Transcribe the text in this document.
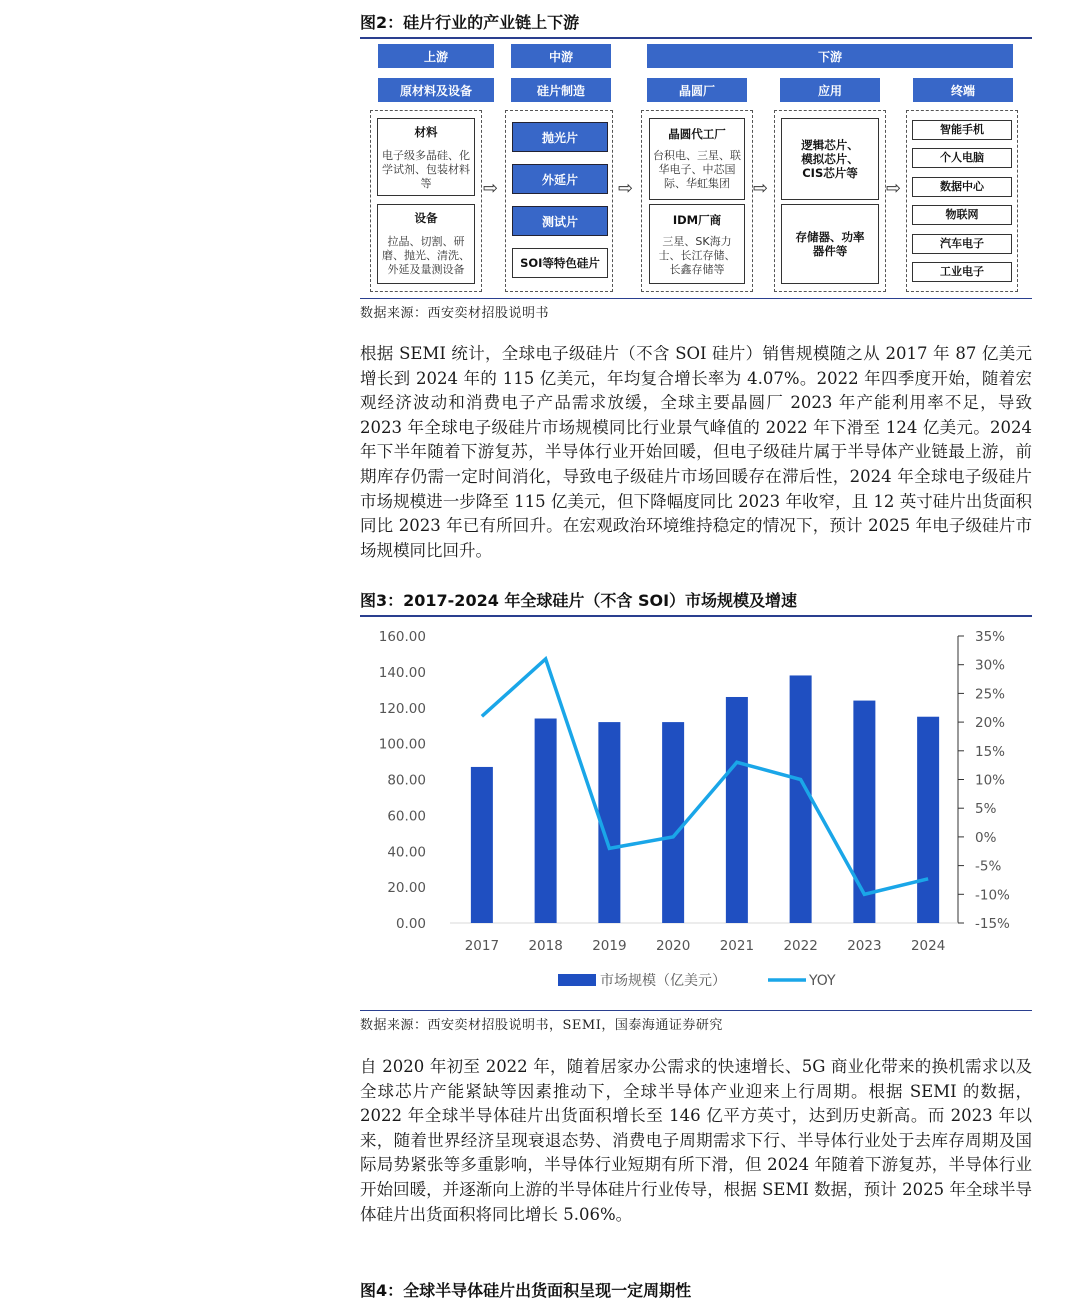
图2：硅片行业的产业链上下游
上游	中游	下游
原材料及设备	硅片制造	晶圆厂	应用	终端
材料
电子级多晶硅、化学试剂、包装材料等
设备
拉晶、切割、研磨、抛光、清洗、外延及量测设备
⇨
抛光片
外延片
测试片
SOI等特色硅片
⇨
晶圆代工厂
台积电、三星、联华电子、中芯国际、华虹集团
IDM厂商
三星、SK海力士、长江存储、长鑫存储等
⇨
逻辑芯片、模拟芯片、CIS芯片等
存储器、功率器件等
⇨
智能手机
个人电脑
数据中心
物联网
汽车电子
工业电子
数据来源：西安奕材招股说明书
根据 SEMI 统计，全球电子级硅片（不含 SOI 硅片）销售规模随之从 2017 年 87 亿美元增长到 2024 年的 115 亿美元，年均复合增长率为 4.07%。2022 年四季度开始，随着宏观经济波动和消费电子产品需求放缓，全球主要晶圆厂 2023 年产能利用率不足，导致 2023 年全球电子级硅片市场规模同比行业景气峰值的 2022 年下滑至 124 亿美元。2024 年下半年随着下游复苏，半导体行业开始回暖，但电子级硅片属于半导体产业链最上游，前期库存仍需一定时间消化，导致电子级硅片市场回暖存在滞后性，2024 年全球电子级硅片市场规模进一步降至 115 亿美元，但下降幅度同比 2023 年收窄，且 12 英寸硅片出货面积同比 2023 年已有所回升。在宏观政治环境维持稳定的情况下，预计 2025 年电子级硅片市场规模同比回升。
图3：2017-2024 年全球硅片（不含 SOI）市场规模及增速
0.00
20.00
40.00
60.00
80.00
100.00
120.00
140.00
160.00
-15%
-10%
-5%
0%
5%
10%
15%
20%
25%
30%
35%
2017 2018 2019 2020 2021 2022 2023 2024
市场规模（亿美元）	YOY
数据来源：西安奕材招股说明书，SEMI，国泰海通证券研究
自 2020 年初至 2022 年，随着居家办公需求的快速增长、5G 商业化带来的换机需求以及全球芯片产能紧缺等因素推动下，全球半导体产业迎来上行周期。根据 SEMI 的数据，2022 年全球半导体硅片出货面积增长至 146 亿平方英寸，达到历史新高。而 2023 年以来，随着世界经济呈现衰退态势、消费电子周期需求下行、半导体行业处于去库存周期及国际局势紧张等多重影响，半导体行业短期有所下滑，但 2024 年随着下游复苏，半导体行业开始回暖，并逐渐向上游的半导体硅片行业传导，根据 SEMI 数据，预计 2025 年全球半导体硅片出货面积将同比增长 5.06%。
图4：全球半导体硅片出货面积呈现一定周期性
